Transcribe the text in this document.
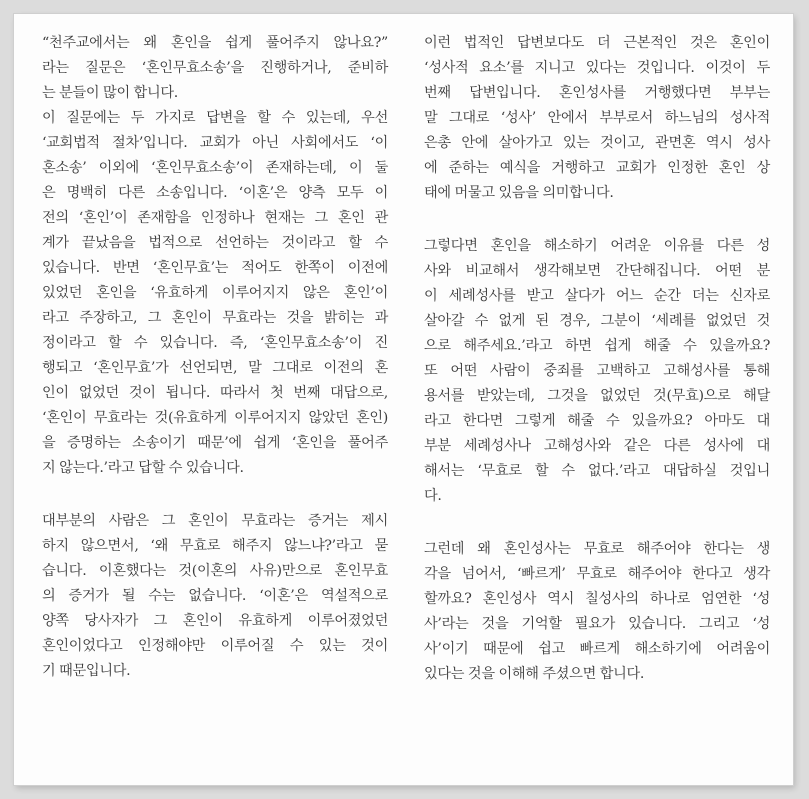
“천주교에서는 왜 혼인을 쉽게 풀어주지 않나요?”
라는 질문은 ‘혼인무효소송’을 진행하거나, 준비하
는 분들이 많이 합니다.
이 질문에는 두 가지로 답변을 할 수 있는데, 우선
‘교회법적 절차’입니다. 교회가 아닌 사회에서도 ‘이
혼소송’ 이외에 ‘혼인무효소송’이 존재하는데, 이 둘
은 명백히 다른 소송입니다. ‘이혼’은 양측 모두 이
전의 ‘혼인’이 존재함을 인정하나 현재는 그 혼인 관
계가 끝났음을 법적으로 선언하는 것이라고 할 수
있습니다. 반면 ‘혼인무효’는 적어도 한쪽이 이전에
있었던 혼인을 ‘유효하게 이루어지지 않은 혼인’이
라고 주장하고, 그 혼인이 무효라는 것을 밝히는 과
정이라고 할 수 있습니다. 즉, ‘혼인무효소송’이 진
행되고 ‘혼인무효’가 선언되면, 말 그대로 이전의 혼
인이 없었던 것이 됩니다. 따라서 첫 번째 대답으로,
‘혼인이 무효라는 것(유효하게 이루어지지 않았던 혼인)
을 증명하는 소송이기 때문’에 쉽게 ‘혼인을 풀어주
지 않는다.’라고 답할 수 있습니다.
대부분의 사람은 그 혼인이 무효라는 증거는 제시
하지 않으면서, ‘왜 무효로 해주지 않느냐?’라고 묻
습니다. 이혼했다는 것(이혼의 사유)만으로 혼인무효
의 증거가 될 수는 없습니다. ‘이혼’은 역설적으로
양쪽 당사자가 그 혼인이 유효하게 이루어졌었던
혼인이었다고 인정해야만 이루어질 수 있는 것이
기 때문입니다.
이런 법적인 답변보다도 더 근본적인 것은 혼인이
‘성사적 요소’를 지니고 있다는 것입니다. 이것이 두
번째 답변입니다. 혼인성사를 거행했다면 부부는
말 그대로 ‘성사’ 안에서 부부로서 하느님의 성사적
은총 안에 살아가고 있는 것이고, 관면혼 역시 성사
에 준하는 예식을 거행하고 교회가 인정한 혼인 상
태에 머물고 있음을 의미합니다.
그렇다면 혼인을 해소하기 어려운 이유를 다른 성
사와 비교해서 생각해보면 간단해집니다. 어떤 분
이 세례성사를 받고 살다가 어느 순간 더는 신자로
살아갈 수 없게 된 경우, 그분이 ‘세례를 없었던 것
으로 해주세요.’라고 하면 쉽게 해줄 수 있을까요?
또 어떤 사람이 중죄를 고백하고 고해성사를 통해
용서를 받았는데, 그것을 없었던 것(무효)으로 해달
라고 한다면 그렇게 해줄 수 있을까요? 아마도 대
부분 세례성사나 고해성사와 같은 다른 성사에 대
해서는 ‘무효로 할 수 없다.’라고 대답하실 것입니
다.
그런데 왜 혼인성사는 무효로 해주어야 한다는 생
각을 넘어서, ‘빠르게’ 무효로 해주어야 한다고 생각
할까요? 혼인성사 역시 칠성사의 하나로 엄연한 ‘성
사’라는 것을 기억할 필요가 있습니다. 그리고 ‘성
사’이기 때문에 쉽고 빠르게 해소하기에 어려움이
있다는 것을 이해해 주셨으면 합니다.
